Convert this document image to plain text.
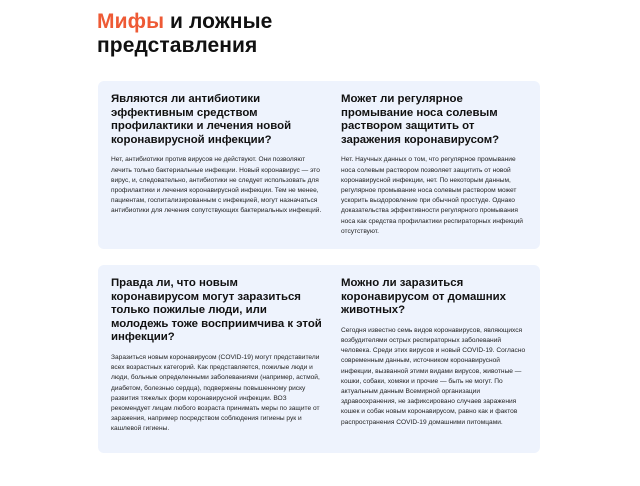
Мифы и ложные
представления
Являются ли антибиотики эффективным средством профилактики и лечения новой коронавирусной инфекции?
Нет, антибиотики против вирусов не действуют. Они позволяют лечить только бактериальные инфекции. Новый коронавирус — это вирус, и, следовательно, антибиотики не следует использовать для профилактики и лечения коронавирусной инфекции. Тем не менее, пациентам, госпитализированным с инфекцией, могут назначаться антибиотики для лечения сопутствующих бактериальных инфекций.
Может ли регулярное промывание носа солевым раствором защитить от заражения коронавирусом?
Нет. Научных данных о том, что регулярное промывание носа солевым раствором позволяет защитить от новой коронавирусной инфекции, нет. По некоторым данным, регулярное промывание носа солевым раствором может ускорить выздоровление при обычной простуде. Однако доказательства эффективности регулярного промывания носа как средства профилактики респираторных инфекций отсутствуют.
Правда ли, что новым коронавирусом могут заразиться только пожилые люди, или молодежь тоже восприимчива к этой инфекции?
Заразиться новым коронавирусом (COVID-19) могут представители всех возрастных категорий. Как представляется, пожилые люди и люди, больные определенными заболеваниями (например, астмой, диабетом, болезнью сердца), подвержены повышенному риску развития тяжелых форм коронавирусной инфекции. ВОЗ рекомендует лицам любого возраста принимать меры по защите от заражения, например посредством соблюдения гигиены рук и кашлевой гигиены.
Можно ли заразиться коронавирусом от домашних животных?
Сегодня известно семь видов коронавирусов, являющихся возбудителями острых респираторных заболеваний человека. Среди этих вирусов и новый COVID-19. Согласно современным данным, источником коронавирусной инфекции, вызванной этими видами вирусов, животные — кошки, собаки, хомяки и прочие — быть не могут. По актуальным данным Всемирной организации здравоохранения, не зафиксировано случаев заражения кошек и собак новым коронавирусом, равно как и фактов распространения COVID-19 домашними питомцами.
